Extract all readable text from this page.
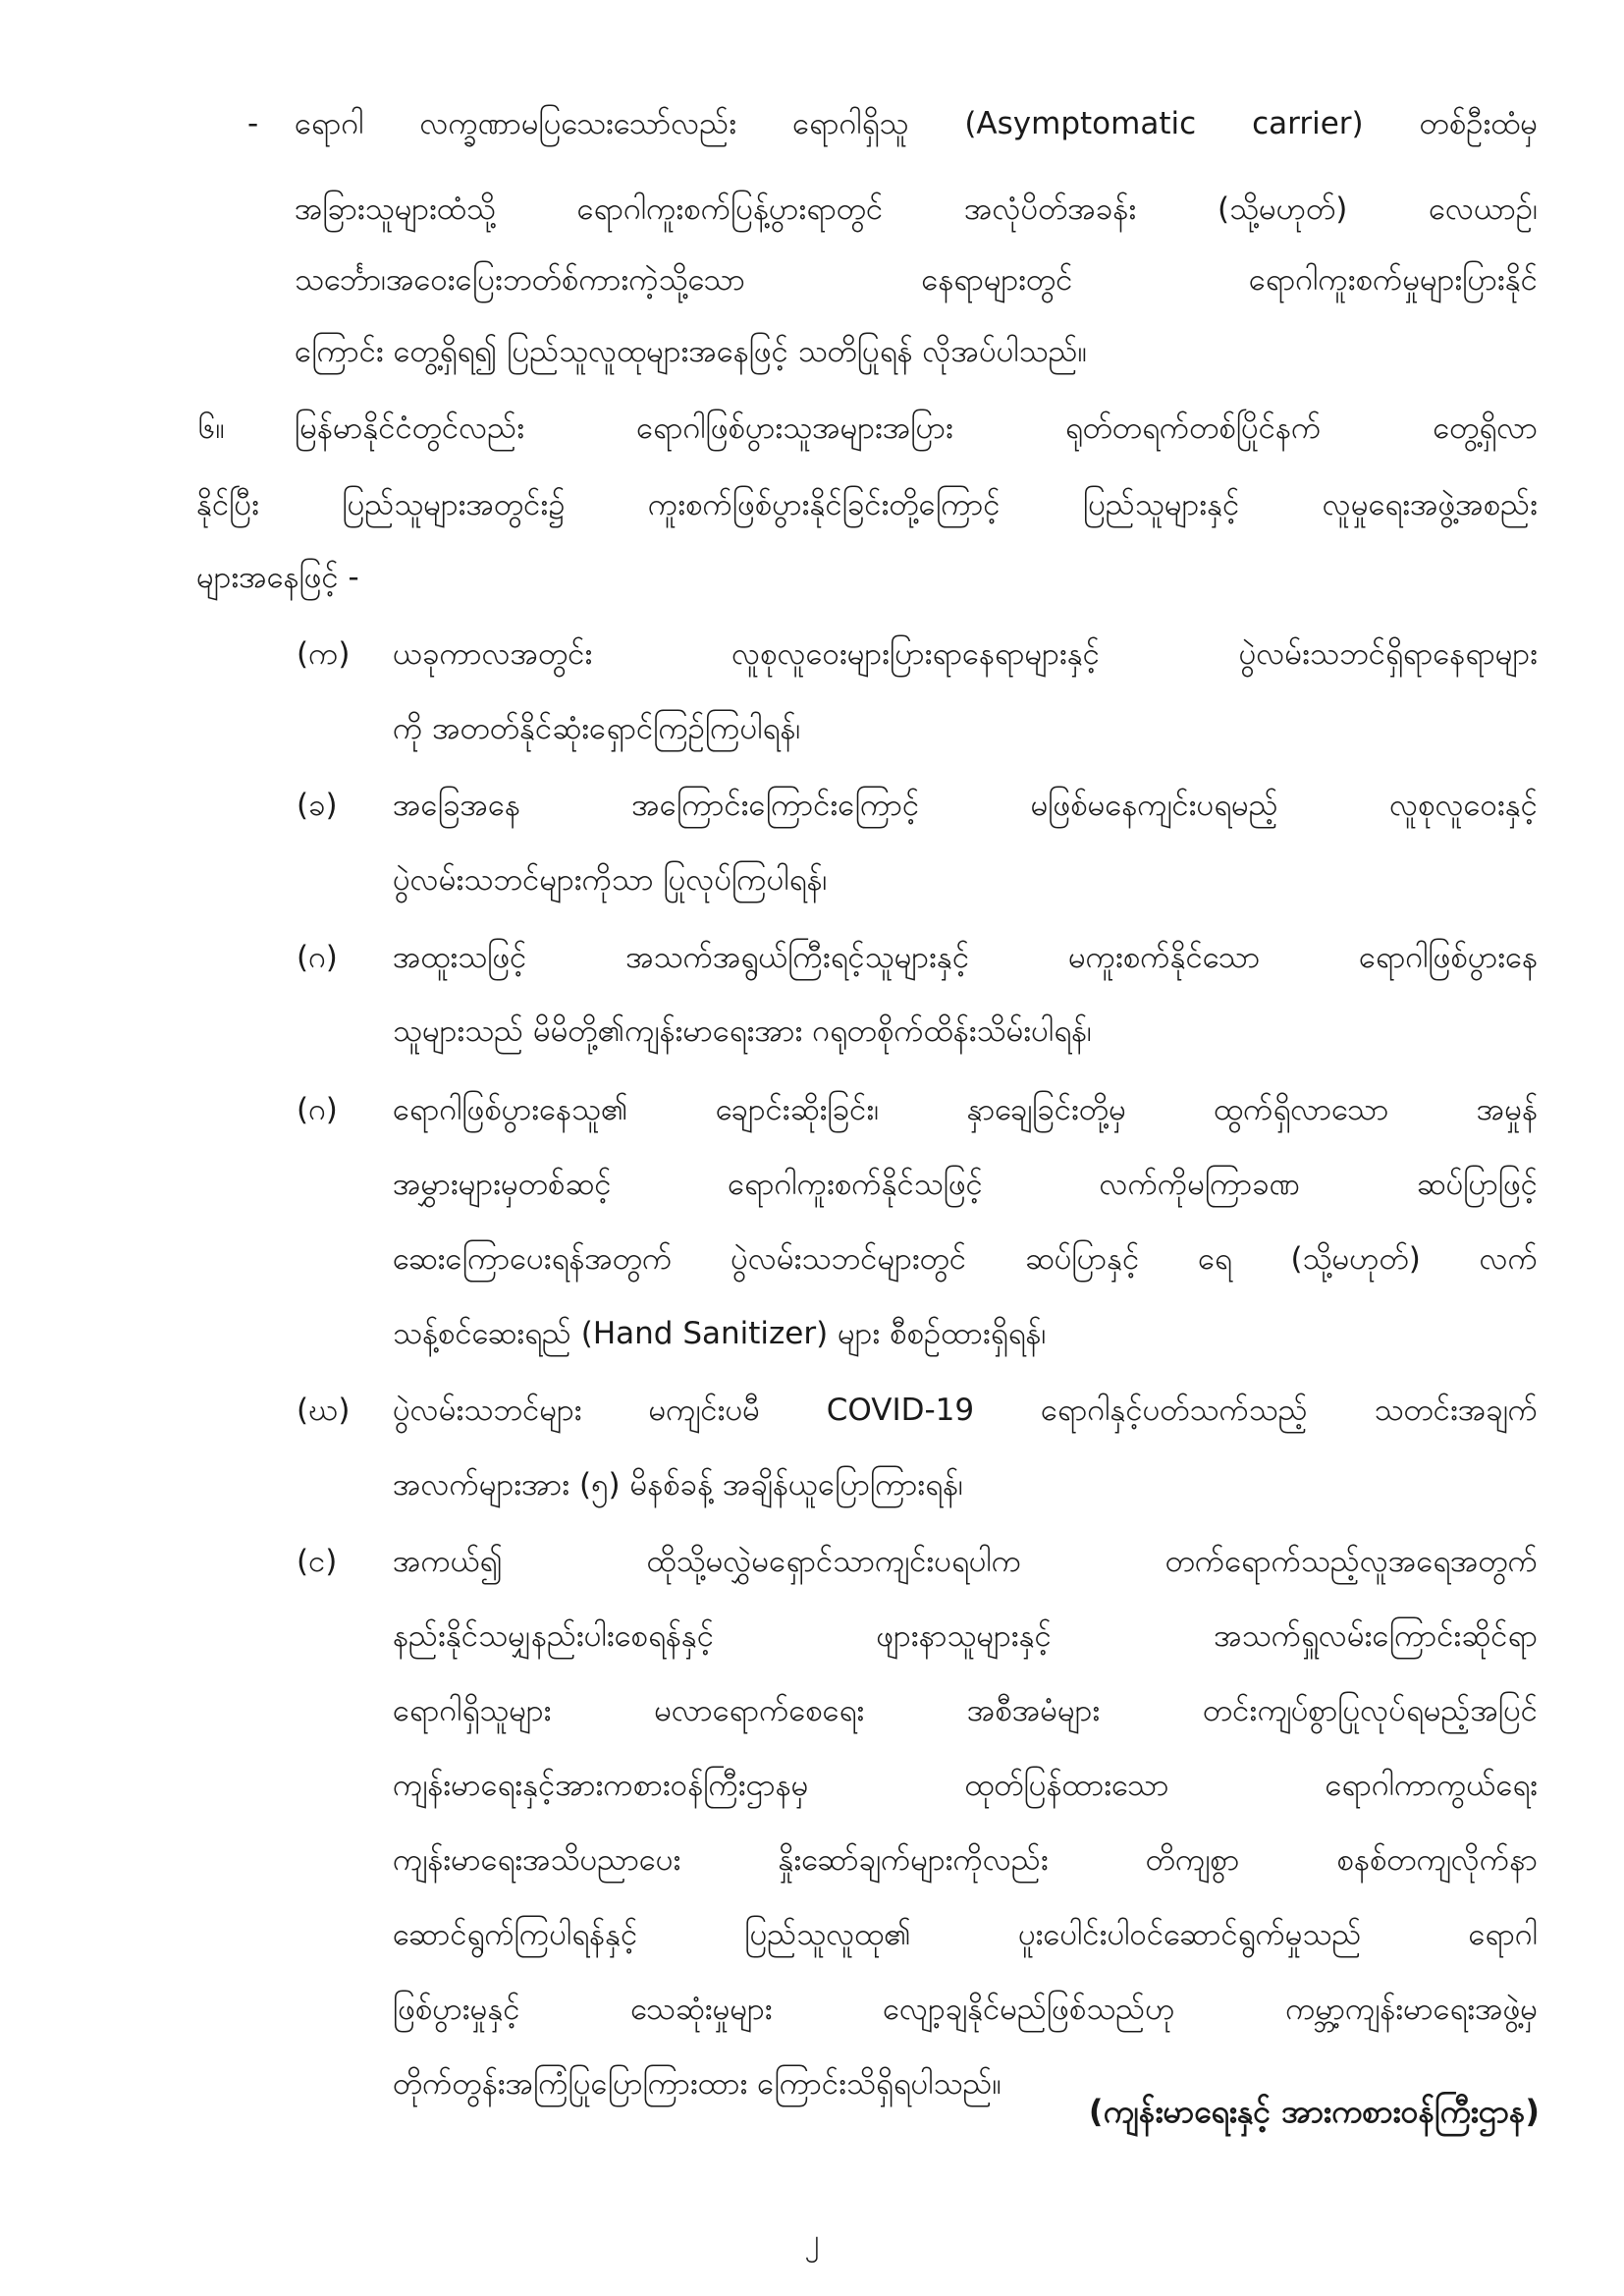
- ရောဂါ လက္ခဏာမပြသေးသော်လည်း ရောဂါရှိသူ (Asymptomatic carrier) တစ်ဦးထံမှ
အခြားသူများထံသို့ ရောဂါကူးစက်ပြန့်ပွားရာတွင် အလုံပိတ်အခန်း (သို့မဟုတ်) လေယာဉ်၊
သင်္ဘော၊အဝေးပြေးဘတ်စ်ကားကဲ့သို့သော နေရာများတွင် ရောဂါကူးစက်မှုများပြားနိုင်
ကြောင်း တွေ့ရှိရ၍ ပြည်သူလူထုများအနေဖြင့် သတိပြုရန် လိုအပ်ပါသည်။
၆။ မြန်မာနိုင်ငံတွင်လည်း ရောဂါဖြစ်ပွားသူအများအပြား ရုတ်တရက်တစ်ပြိုင်နက် တွေ့ရှိလာ
နိုင်ပြီး ပြည်သူများအတွင်း၌ ကူးစက်ဖြစ်ပွားနိုင်ခြင်းတို့ကြောင့် ပြည်သူများနှင့် လူမှုရေးအဖွဲ့အစည်း
များအနေဖြင့် -
(က) ယခုကာလအတွင်း လူစုလူဝေးများပြားရာနေရာများနှင့် ပွဲလမ်းသဘင်ရှိရာနေရာများ
ကို အတတ်နိုင်ဆုံးရှောင်ကြဉ်ကြပါရန်၊
(ခ) အခြေအနေ အကြောင်းကြောင်းကြောင့် မဖြစ်မနေကျင်းပရမည့် လူစုလူဝေးနှင့်
ပွဲလမ်းသဘင်များကိုသာ ပြုလုပ်ကြပါရန်၊
(ဂ) အထူးသဖြင့် အသက်အရွယ်ကြီးရင့်သူများနှင့် မကူးစက်နိုင်သော ရောဂါဖြစ်ပွားနေ
သူများသည် မိမိတို့၏ကျန်းမာရေးအား ဂရုတစိုက်ထိန်းသိမ်းပါရန်၊
(ဂ) ရောဂါဖြစ်ပွားနေသူ၏ ချောင်းဆိုးခြင်း၊ နှာချေခြင်းတို့မှ ထွက်ရှိလာသော အမှုန်
အမွှားများမှတစ်ဆင့် ရောဂါကူးစက်နိုင်သဖြင့် လက်ကိုမကြာခဏ ဆပ်ပြာဖြင့်
ဆေးကြောပေးရန်အတွက် ပွဲလမ်းသဘင်များတွင် ဆပ်ပြာနှင့် ရေ (သို့မဟုတ်) လက်
သန့်စင်ဆေးရည် (Hand Sanitizer) များ စီစဉ်ထားရှိရန်၊
(ဃ) ပွဲလမ်းသဘင်များ မကျင်းပမီ COVID-19 ရောဂါနှင့်ပတ်သက်သည့် သတင်းအချက်
အလက်များအား (၅) မိနစ်ခန့် အချိန်ယူပြောကြားရန်၊
(င) အကယ်၍ ထိုသို့မလွှဲမရှောင်သာကျင်းပရပါက တက်ရောက်သည့်လူအရေအတွက်
နည်းနိုင်သမျှနည်းပါးစေရန်နှင့် ဖျားနာသူများနှင့် အသက်ရှူလမ်းကြောင်းဆိုင်ရာ
ရောဂါရှိသူများ မလာရောက်စေရေး အစီအမံများ တင်းကျပ်စွာပြုလုပ်ရမည့်အပြင်
ကျန်းမာရေးနှင့်အားကစားဝန်ကြီးဌာနမှ ထုတ်ပြန်ထားသော ရောဂါကာကွယ်ရေး
ကျန်းမာရေးအသိပညာပေး နှိုးဆော်ချက်များကိုလည်း တိကျစွာ စနစ်တကျလိုက်နာ
ဆောင်ရွက်ကြပါရန်နှင့် ပြည်သူလူထု၏ ပူးပေါင်းပါဝင်ဆောင်ရွက်မှုသည် ရောဂါ
ဖြစ်ပွားမှုနှင့် သေဆုံးမှုများ လျော့ချနိုင်မည်ဖြစ်သည်ဟု ကမ္ဘာ့ကျန်းမာရေးအဖွဲ့မှ
တိုက်တွန်းအကြံပြုပြောကြားထား ကြောင်းသိရှိရပါသည်။
(ကျန်းမာရေးနှင့် အားကစားဝန်ကြီးဌာန)
၂
